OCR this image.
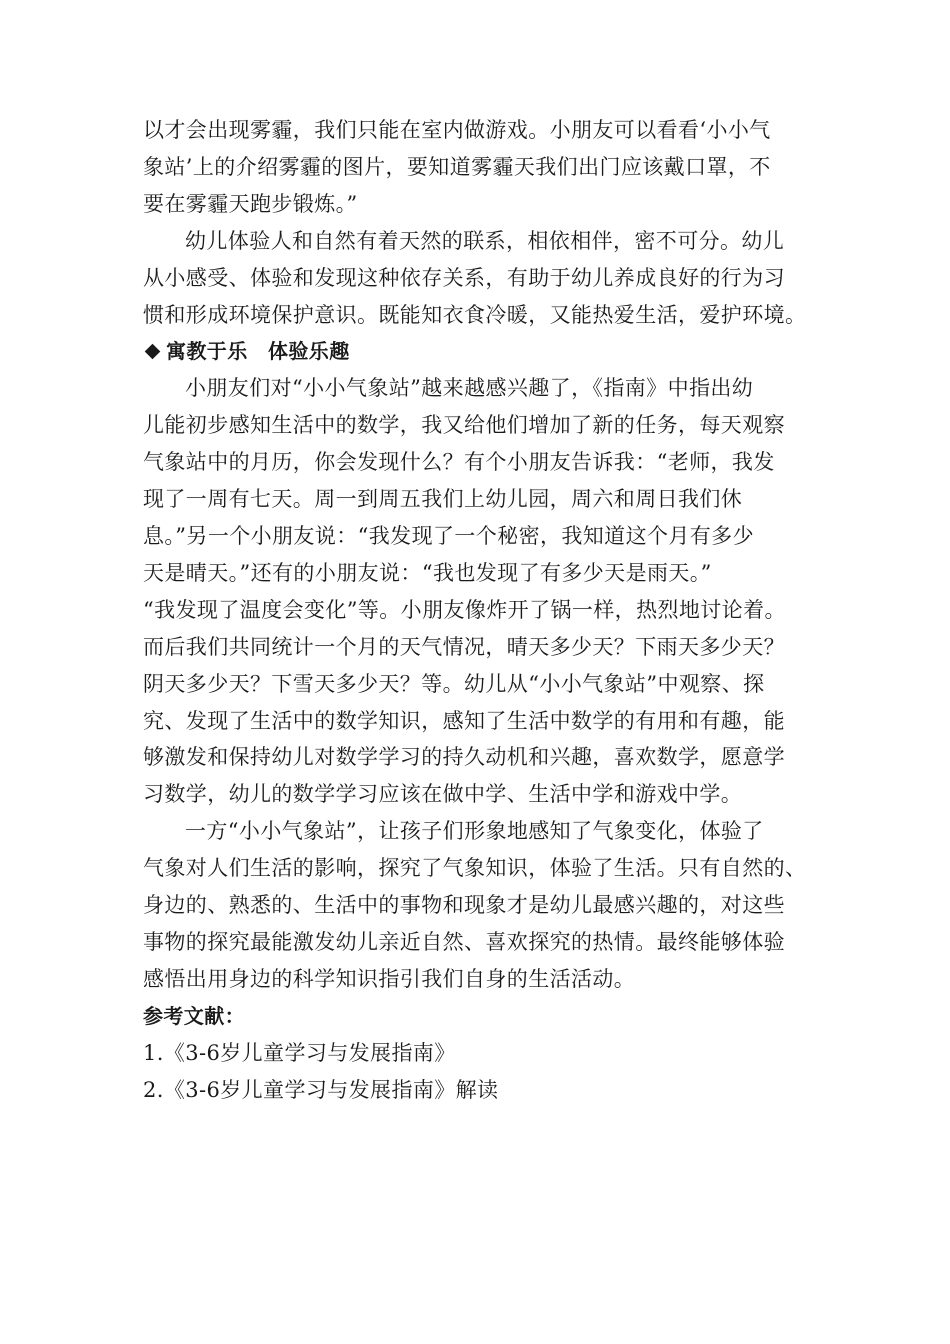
以才会出现雾霾，我们只能在室内做游戏。小朋友可以看看‘小小气
象站’上的介绍雾霾的图片，要知道雾霾天我们出门应该戴口罩，不
要在雾霾天跑步锻炼。”

幼儿体验人和自然有着天然的联系，相依相伴，密不可分。幼儿
从小感受、体验和发现这种依存关系，有助于幼儿养成良好的行为习
惯和形成环境保护意识。既能知衣食冷暖，又能热爱生活，爱护环境。

寓教于乐　体验乐趣

小朋友们对“小小气象站”越来越感兴趣了，《指南》中指出幼
儿能初步感知生活中的数学，我又给他们增加了新的任务，每天观察
气象站中的月历，你会发现什么？有个小朋友告诉我：“老师，我发
现了一周有七天。周一到周五我们上幼儿园，周六和周日我们休
息。”另一个小朋友说：“我发现了一个秘密，我知道这个月有多少
天是晴天。”还有的小朋友说：“我也发现了有多少天是雨天。”
“我发现了温度会变化”等。小朋友像炸开了锅一样，热烈地讨论着。
而后我们共同统计一个月的天气情况，晴天多少天？下雨天多少天？
阴天多少天？下雪天多少天？等。幼儿从“小小气象站”中观察、探
究、发现了生活中的数学知识，感知了生活中数学的有用和有趣，能
够激发和保持幼儿对数学学习的持久动机和兴趣，喜欢数学，愿意学
习数学，幼儿的数学学习应该在做中学、生活中学和游戏中学。

一方“小小气象站”，让孩子们形象地感知了气象变化，体验了
气象对人们生活的影响，探究了气象知识，体验了生活。只有自然的、
身边的、熟悉的、生活中的事物和现象才是幼儿最感兴趣的，对这些
事物的探究最能激发幼儿亲近自然、喜欢探究的热情。最终能够体验
感悟出用身边的科学知识指引我们自身的生活活动。

参考文献：

1.《3-6岁儿童学习与发展指南》

2.《3-6岁儿童学习与发展指南》解读
